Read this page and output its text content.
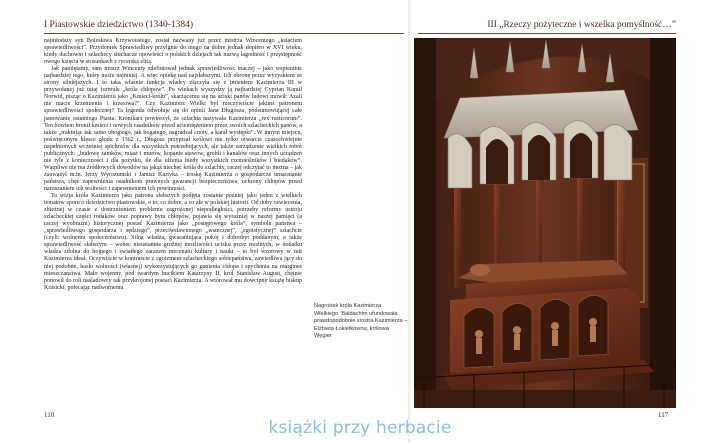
I Piastowskie dziedzictwo (1340-1384)

najmłodszy syn Bolesława Krzywoustego, został nazwany już przez mistrza Wincentego „księciem sprawiedliwości”. Przydomek Sprawiedliwy przylgnie do niego na dobre jednak dopiero w XVI wieku, kiedy duchowni i szlachecy słuchacze opowieści o polskich dziejach tak nazwą łagodność i przystępność owego księcia w stosunkach z rycerską elitą.

Jak pamiętamy, sam mistrz Wincenty zdefiniował jednak sprawiedliwość inaczej – jako wspieranie najbardziej tego, który może najmniej. A więc opiekę nad najsłabszymi. Ich obronę przez wyzyskiem ze strony silniejszych. I to taka właśnie funkcja władcy złączyła się z imieniem Kazimierza III w przywołanej już tutaj formule „króla chłopów”. Po wiekach wyszydzy ją najbardziej Cyprian Kamil Norwid, pisząc o Kazimierzu jako „Kmieci-królu”, skarżącemu się na uciski panów ludowi mówił: Azali nie macie krzemienia i krzesiwa?”. Czy Kazimierz Wielki był rzeczywiście jakimś patronem sprawiedliwości społecznej? Ta legenda odwołuje się do opinii Jana Długosza, podsumowującej całe panowanie ostatniego Piasta. Kronikarz powtórzył, że szlachta nazywała Kazimierza „rex rusticorum”. Ten bowiem bronił kmieci i nowych osadników przed uciemiężeniem przez swoich szlacheckich panów, a także „traktując tak samo ubogiego, jak bogatego, nagradzał cnoty, a karał występki”. W innym miejscu, poświęconym klęsce głodu z 1362 r., Długosz przypisał królowi nie tylko otwarcie czasochwiejnie napełnionych wcześniej spichrzów dla wszystkich potrzebujących, ale także zarządzenie wielkich robót publicznych: „budowę zamków, miast i murów, kopanie stawów, grobli i kanałów oraz innych urządzeń nie tyle z konieczności i dla pożytku, ile dla ulżenia biedy wszystkich rzemieślników i biedaków”. Wątpliwe nie ma źródłowych dowodów na jakąś niechęć króla do szlachty, raczej odczytać to można – jak zauważył m.in. Jerzy Wyrozumski i Janusz Kurtyka – troskę Kazimierza o gospodarcze umacnianie państwa, chęć zapewnienia osadnikom prawnych gwarancji bezpieczeństwa, ochrony chłopów przed naruszaniem ich wolności i zapewnieniem ich powinności.

Ta wizja króla Kazimierza jako patrona słabszych podjęta zostanie później jako jeden z wielkich tematów sporu o dziedzictwo piastowskie, o to, co dobre, a co złe w polskiej historii. Od doby oświecenia, zbieżnej w czasie z dostrzeżeniem problemu zagrożonej niepodległości, potrzeby reformy ustroju szlacheckiej części rodaków oraz poprawy bytu chłopów, pojawia się wyraźniej w naszej pamięci (a raczej wyobraźni) historycznej postać Kazimierza jako „postępowego króla”, symbolu państwa – „sprawiedliwego gospodarza i sędziego”, przeciwstawionego „wstecznej”, „egoistycznej” szlachcie (czyli: wolnemu społeczeństwu). Silna władza, gwarantująca pokój i dobrobyt poddanym, a także sprawiedliwość słabszym – wobec nieustannie groźnej możliwości ucisku przez możnych, w dodatku władza zdolna do hojnego i światłego zarazem mecenatu kultury i nauki – to był wzorowy w mit Kazimierza ideał. Oczywiście w kontraście z egoizmem szlacheckiego sobiepaństwa, zawiedliwa jący do niej podobne, hasło wolności (własnej) wykorzystujących go ganienia chłopa i spychania na margines mieszczaństwa. Mało wojenny, pod twardym bucikiem Katarzyny II, król Stanisław August, chętnie ponowił do roli naśladowcy tak przykrojonej postaci Kazimierza. A wtórował mu dowcipny książę biskup Krasicki, polecając nadwornemu

Nagrobek króla Kazimierza Wielkiego. Baldachim ufundowała prawdopodobnie siostra Kazimierza – Elżbieta Łokietkówna, królowa Węgier
110
III „Rzeczy pożyteczne i wszelka pomyślność…”
117
książki przy herbacie
